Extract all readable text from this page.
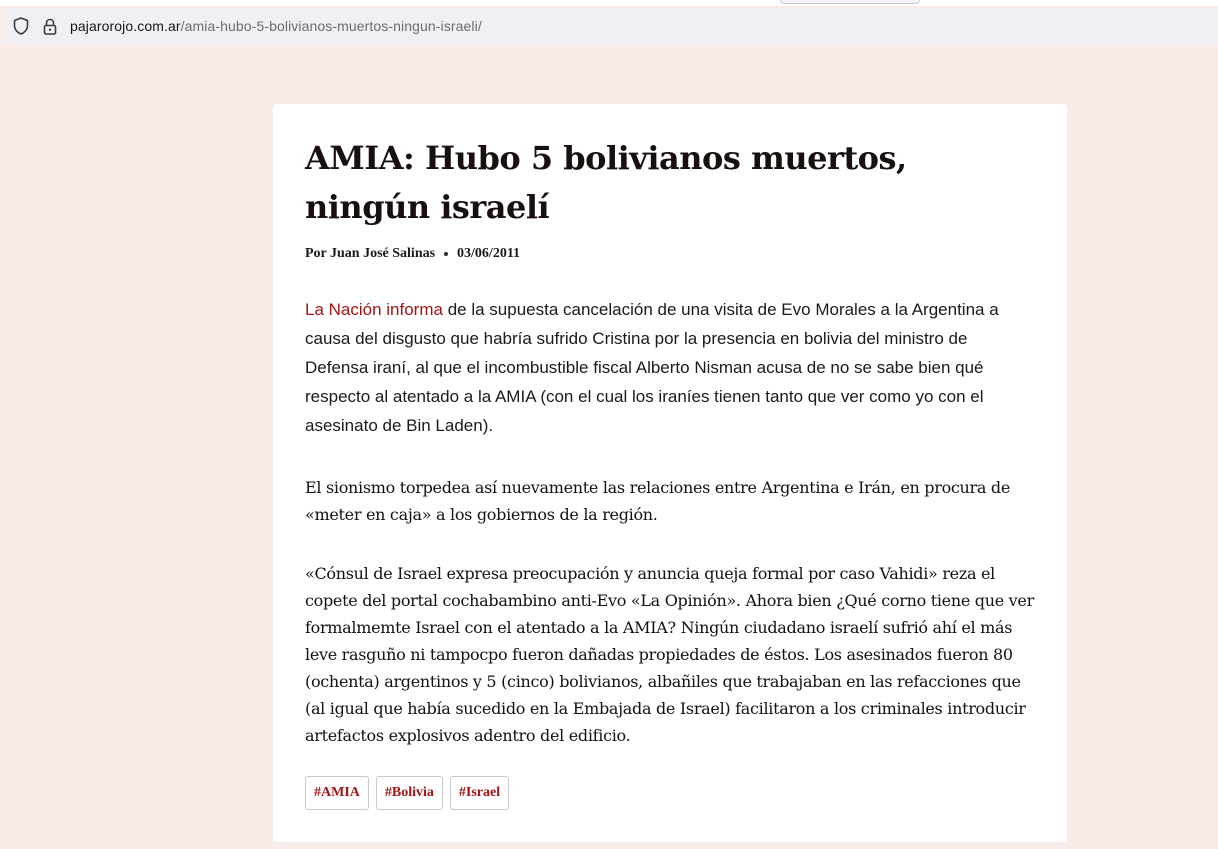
pajarorojo.com.ar/amia-hubo-5-bolivianos-muertos-ningun-israeli/
AMIA: Hubo 5 bolivianos muertos, ningún israelí
Por Juan José Salinas 03/06/2011

La Nación informa de la supuesta cancelación de una visita de Evo Morales a la Argentina a causa del disgusto que habría sufrido Cristina por la presencia en bolivia del ministro de Defensa iraní, al que el incombustible fiscal Alberto Nisman acusa de no se sabe bien qué respecto al atentado a la AMIA (con el cual los iraníes tienen tanto que ver como yo con el asesinato de Bin Laden).

El sionismo torpedea así nuevamente las relaciones entre Argentina e Irán, en procura de «meter en caja» a los gobiernos de la región.

«Cónsul de Israel expresa preocupación y anuncia queja formal por caso Vahidi» reza el copete del portal cochabambino anti-Evo «La Opinión». Ahora bien ¿Qué corno tiene que ver formalmemte Israel con el atentado a la AMIA? Ningún ciudadano israelí sufrió ahí el más leve rasguño ni tampocpo fueron dañadas propiedades de éstos. Los asesinados fueron 80 (ochenta) argentinos y 5 (cinco) bolivianos, albañiles que trabajaban en las refacciones que (al igual que había sucedido en la Embajada de Israel) facilitaron a los criminales introducir artefactos explosivos adentro del edificio.

#AMIA	#Bolivia	#Israel
